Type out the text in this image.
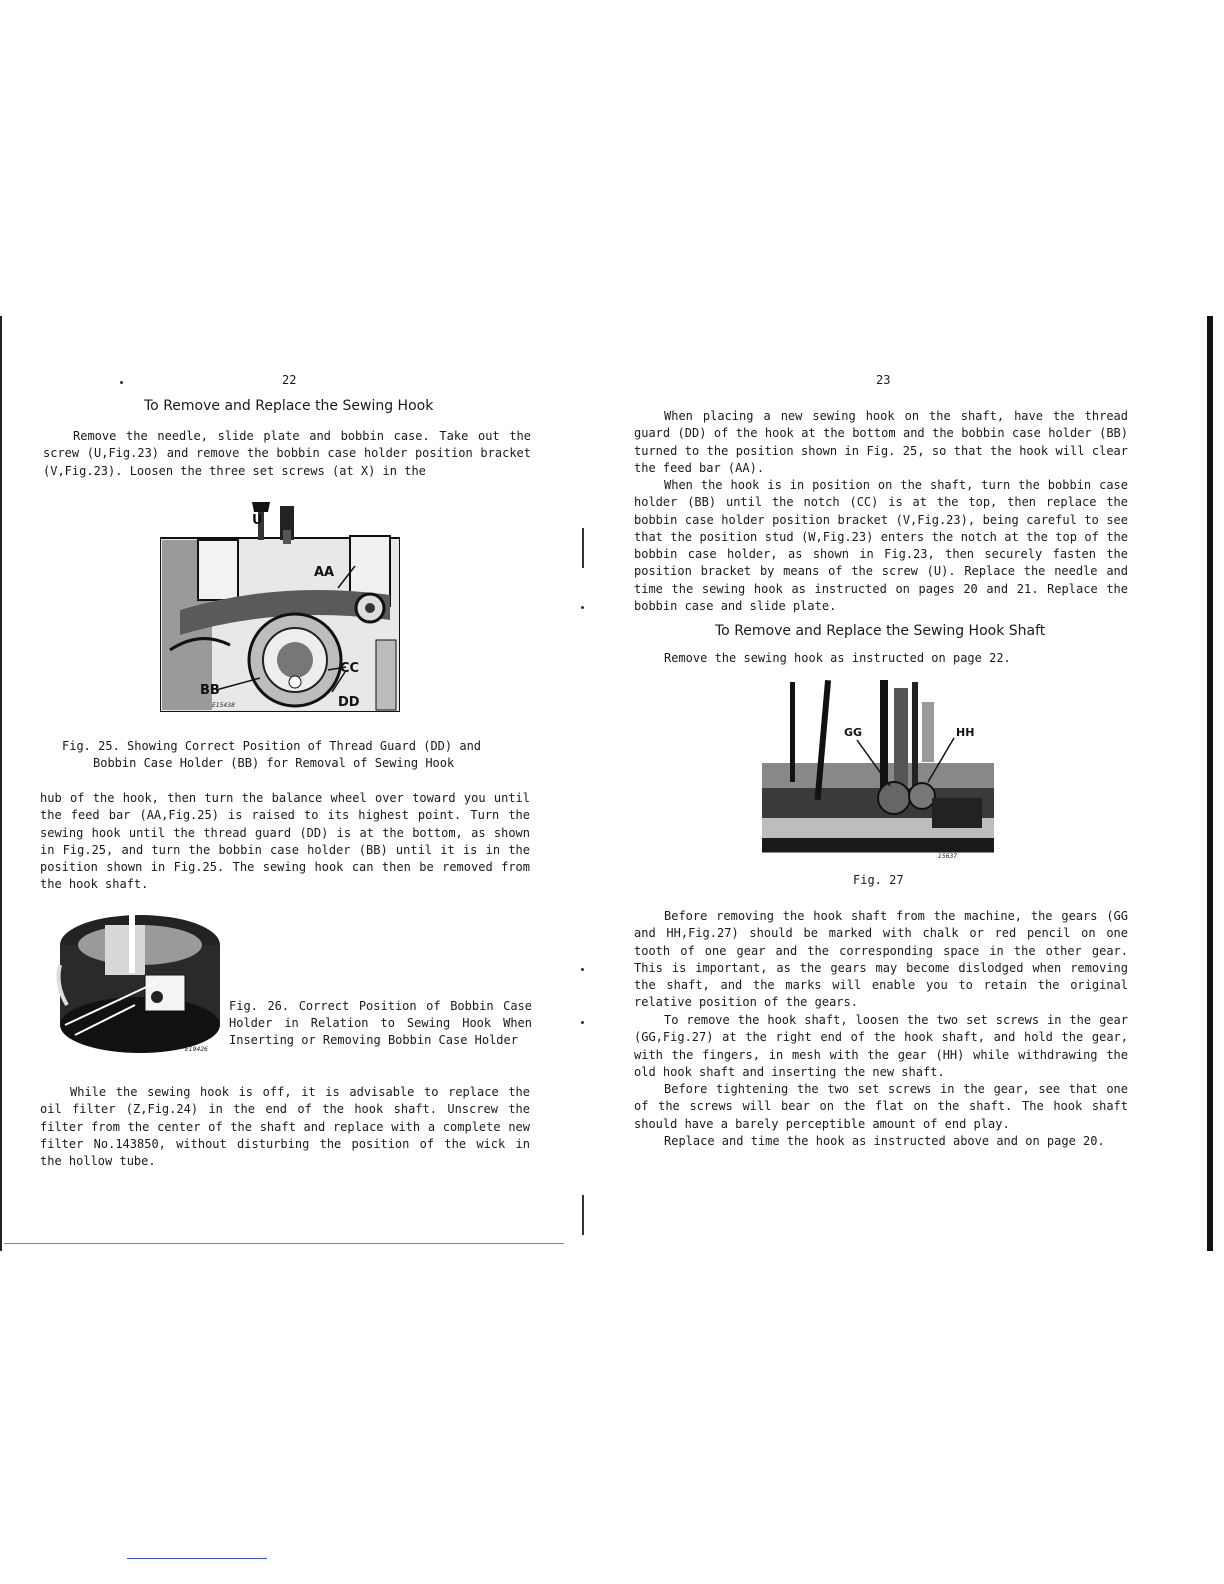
22
To Remove and Replace the Sewing Hook

Remove the needle, slide plate and bobbin case. Take out the screw (U,Fig.23) and remove the bobbin case holder position bracket (V,Fig.23). Loosen the three set screws (at X) in the

U
AA
CC
BB
DD
E15438
Fig. 25. Showing Correct Position of Thread Guard (DD) and
Bobbin Case Holder (BB) for Removal of Sewing Hook

hub of the hook, then turn the balance wheel over toward you until the feed bar (AA,Fig.25) is raised to its highest point. Turn the sewing hook until the thread guard (DD) is at the bottom, as shown in Fig.25, and turn the bobbin case holder (BB) until it is in the position shown in Fig.25. The sewing hook can then be removed from the hook shaft.

E19426

Fig. 26. Correct Position of Bobbin Case Holder in Relation to Sewing Hook When Inserting or Removing Bobbin Case Holder

While the sewing hook is off, it is advisable to replace the oil filter (Z,Fig.24) in the end of the hook shaft. Unscrew the filter from the center of the shaft and replace with a complete new filter No.143850, without disturbing the position of the wick in the hollow tube.

23

When placing a new sewing hook on the shaft, have the thread guard (DD) of the hook at the bottom and the bobbin case holder (BB) turned to the position shown in Fig. 25, so that the hook will clear the feed bar (AA).

When the hook is in position on the shaft, turn the bobbin case holder (BB) until the notch (CC) is at the top, then replace the bobbin case holder position bracket (V,Fig.23), being careful to see that the position stud (W,Fig.23) enters the notch at the top of the bobbin case holder, as shown in Fig.23, then securely fasten the position bracket by means of the screw (U). Replace the needle and time the sewing hook as instructed on pages 20 and 21. Replace the bobbin case and slide plate.

To Remove and Replace the Sewing Hook Shaft

Remove the sewing hook as instructed on page 22.

GG	HH
15637
Fig. 27

Before removing the hook shaft from the machine, the gears (GG and HH,Fig.27) should be marked with chalk or red pencil on one tooth of one gear and the corresponding space in the other gear. This is important, as the gears may become dislodged when removing the shaft, and the marks will enable you to retain the original relative position of the gears.

To remove the hook shaft, loosen the two set screws in the gear (GG,Fig.27) at the right end of the hook shaft, and hold the gear, with the fingers, in mesh with the gear (HH) while withdrawing the old hook shaft and inserting the new shaft.

Before tightening the two set screws in the gear, see that one of the screws will bear on the flat on the shaft. The hook shaft should have a barely perceptible amount of end play.

Replace and time the hook as instructed above and on page 20.
